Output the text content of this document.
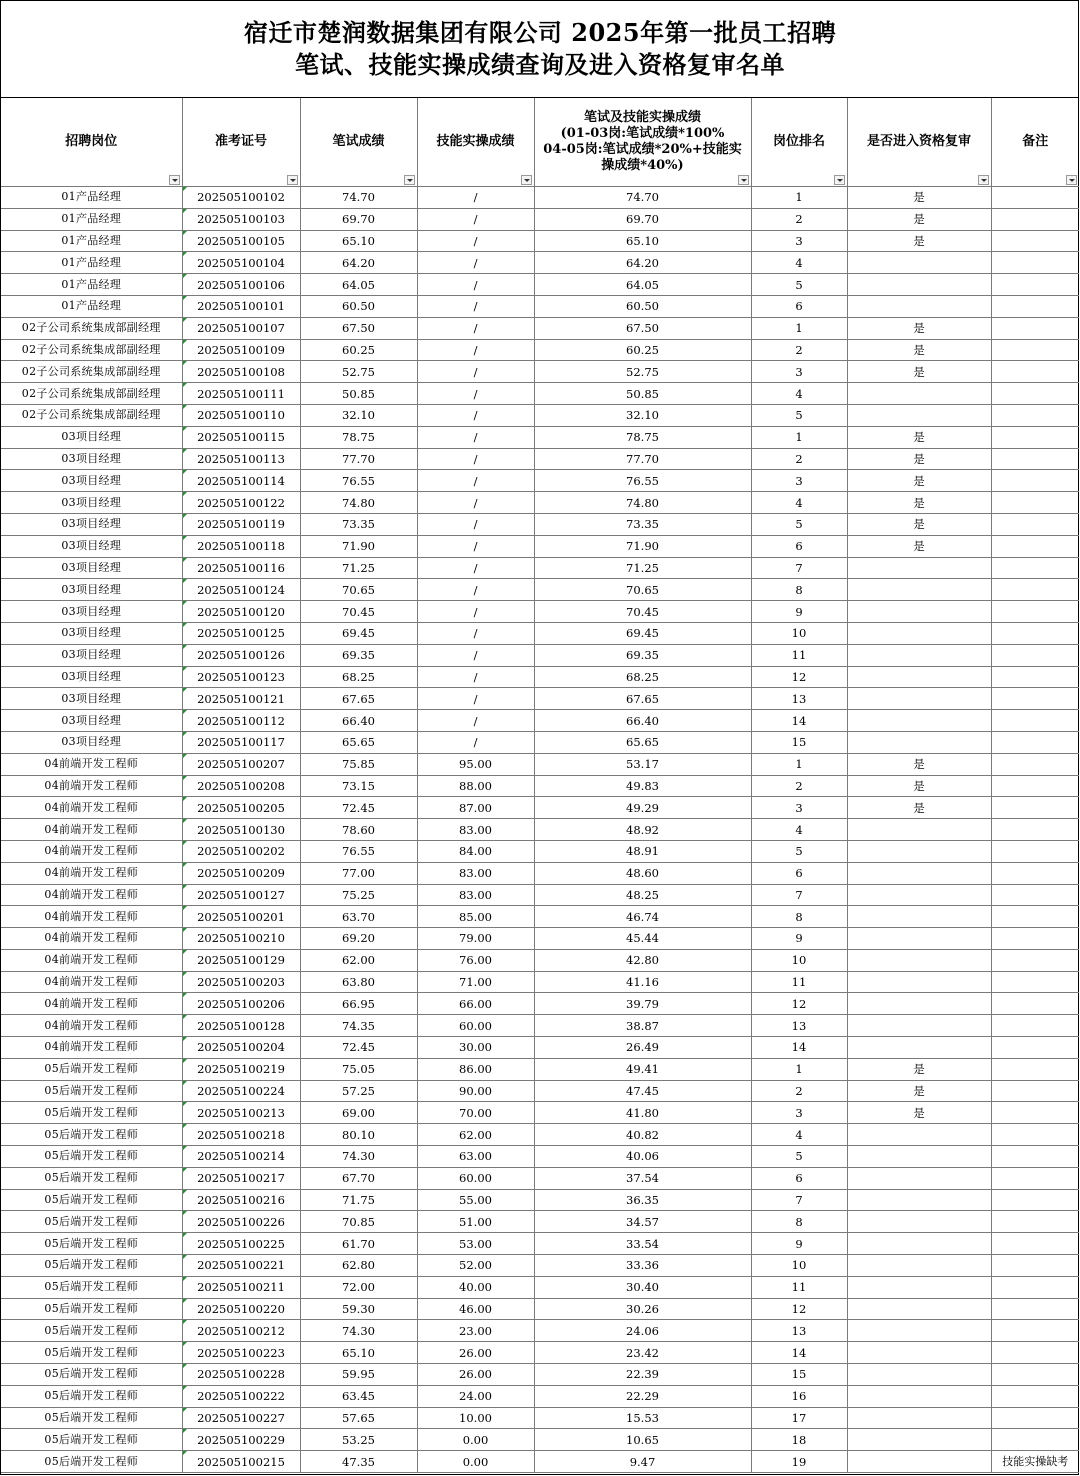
宿迁市楚润数据集团有限公司 2025年第一批员工招聘
笔试、技能实操成绩查询及进入资格复审名单
招聘岗位	准考证号	笔试成绩	技能实操成绩	笔试及技能实操成绩
(01-03岗:笔试成绩*100%
04-05岗:笔试成绩*20%+技能实
操成绩*40%)	岗位排名	是否进入资格复审	备注

01产品经理	202505100102	74.70	/	74.70	1	是	
01产品经理	202505100103	69.70	/	69.70	2	是	
01产品经理	202505100105	65.10	/	65.10	3	是	
01产品经理	202505100104	64.20	/	64.20	4		
01产品经理	202505100106	64.05	/	64.05	5		
01产品经理	202505100101	60.50	/	60.50	6		
02子公司系统集成部副经理	202505100107	67.50	/	67.50	1	是	
02子公司系统集成部副经理	202505100109	60.25	/	60.25	2	是	
02子公司系统集成部副经理	202505100108	52.75	/	52.75	3	是	
02子公司系统集成部副经理	202505100111	50.85	/	50.85	4		
02子公司系统集成部副经理	202505100110	32.10	/	32.10	5		
03项目经理	202505100115	78.75	/	78.75	1	是	
03项目经理	202505100113	77.70	/	77.70	2	是	
03项目经理	202505100114	76.55	/	76.55	3	是	
03项目经理	202505100122	74.80	/	74.80	4	是	
03项目经理	202505100119	73.35	/	73.35	5	是	
03项目经理	202505100118	71.90	/	71.90	6	是	
03项目经理	202505100116	71.25	/	71.25	7		
03项目经理	202505100124	70.65	/	70.65	8		
03项目经理	202505100120	70.45	/	70.45	9		
03项目经理	202505100125	69.45	/	69.45	10		
03项目经理	202505100126	69.35	/	69.35	11		
03项目经理	202505100123	68.25	/	68.25	12		
03项目经理	202505100121	67.65	/	67.65	13		
03项目经理	202505100112	66.40	/	66.40	14		
03项目经理	202505100117	65.65	/	65.65	15		
04前端开发工程师	202505100207	75.85	95.00	53.17	1	是	
04前端开发工程师	202505100208	73.15	88.00	49.83	2	是	
04前端开发工程师	202505100205	72.45	87.00	49.29	3	是	
04前端开发工程师	202505100130	78.60	83.00	48.92	4		
04前端开发工程师	202505100202	76.55	84.00	48.91	5		
04前端开发工程师	202505100209	77.00	83.00	48.60	6		
04前端开发工程师	202505100127	75.25	83.00	48.25	7		
04前端开发工程师	202505100201	63.70	85.00	46.74	8		
04前端开发工程师	202505100210	69.20	79.00	45.44	9		
04前端开发工程师	202505100129	62.00	76.00	42.80	10		
04前端开发工程师	202505100203	63.80	71.00	41.16	11		
04前端开发工程师	202505100206	66.95	66.00	39.79	12		
04前端开发工程师	202505100128	74.35	60.00	38.87	13		
04前端开发工程师	202505100204	72.45	30.00	26.49	14		
05后端开发工程师	202505100219	75.05	86.00	49.41	1	是	
05后端开发工程师	202505100224	57.25	90.00	47.45	2	是	
05后端开发工程师	202505100213	69.00	70.00	41.80	3	是	
05后端开发工程师	202505100218	80.10	62.00	40.82	4		
05后端开发工程师	202505100214	74.30	63.00	40.06	5		
05后端开发工程师	202505100217	67.70	60.00	37.54	6		
05后端开发工程师	202505100216	71.75	55.00	36.35	7		
05后端开发工程师	202505100226	70.85	51.00	34.57	8		
05后端开发工程师	202505100225	61.70	53.00	33.54	9		
05后端开发工程师	202505100221	62.80	52.00	33.36	10		
05后端开发工程师	202505100211	72.00	40.00	30.40	11		
05后端开发工程师	202505100220	59.30	46.00	30.26	12		
05后端开发工程师	202505100212	74.30	23.00	24.06	13		
05后端开发工程师	202505100223	65.10	26.00	23.42	14		
05后端开发工程师	202505100228	59.95	26.00	22.39	15		
05后端开发工程师	202505100222	63.45	24.00	22.29	16		
05后端开发工程师	202505100227	57.65	10.00	15.53	17		
05后端开发工程师	202505100229	53.25	0.00	10.65	18		
05后端开发工程师	202505100215	47.35	0.00	9.47	19		技能实操缺考
